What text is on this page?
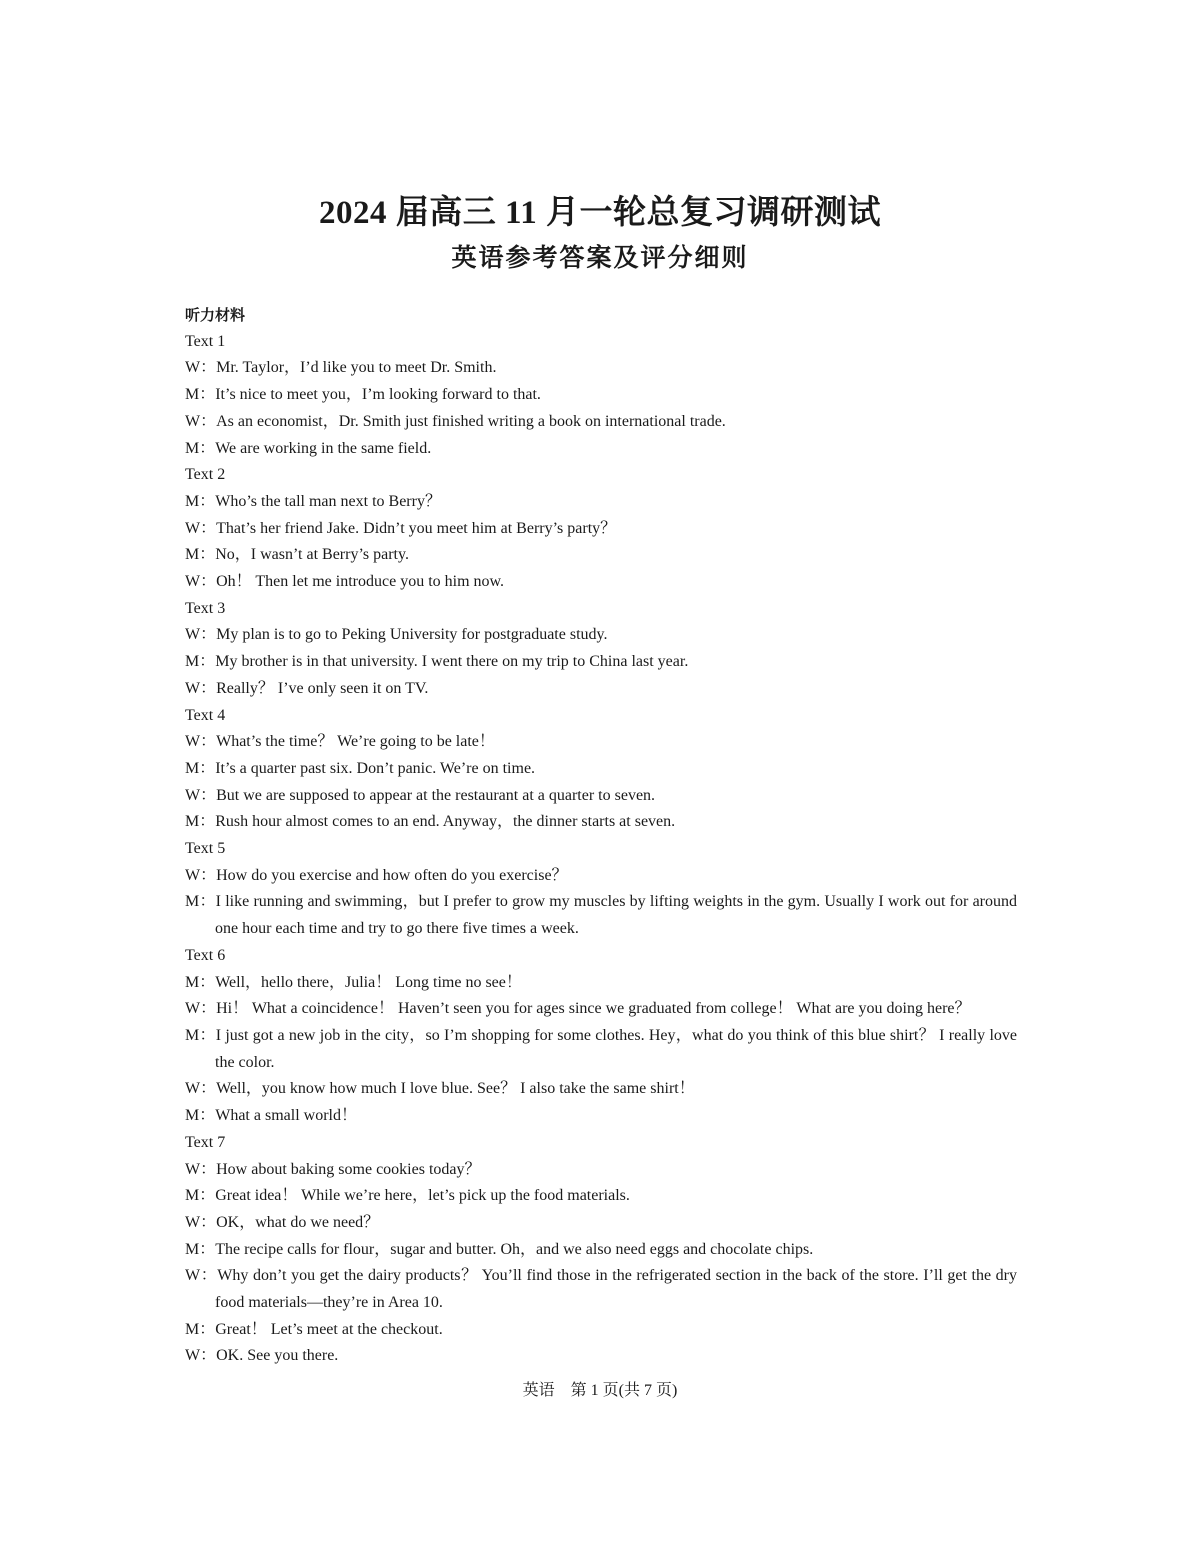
2024 届高三 11 月一轮总复习调研测试
英语参考答案及评分细则
听力材料
Text 1
W：Mr. Taylor，I’d like you to meet Dr. Smith.
M：It’s nice to meet you，I’m looking forward to that.
W：As an economist，Dr. Smith just finished writing a book on international trade.
M：We are working in the same field.
Text 2
M：Who’s the tall man next to Berry？
W：That’s her friend Jake. Didn’t you meet him at Berry’s party？
M：No，I wasn’t at Berry’s party.
W：Oh！ Then let me introduce you to him now.
Text 3
W：My plan is to go to Peking University for postgraduate study.
M：My brother is in that university. I went there on my trip to China last year.
W：Really？ I’ve only seen it on TV.
Text 4
W：What’s the time？ We’re going to be late！
M：It’s a quarter past six. Don’t panic. We’re on time.
W：But we are supposed to appear at the restaurant at a quarter to seven.
M：Rush hour almost comes to an end. Anyway，the dinner starts at seven.
Text 5
W：How do you exercise and how often do you exercise？
M：I like running and swimming，but I prefer to grow my muscles by lifting weights in the gym. Usually I work out for around one hour each time and try to go there five times a week.
Text 6
M：Well，hello there，Julia！ Long time no see！
W：Hi！ What a coincidence！ Haven’t seen you for ages since we graduated from college！ What are you doing here？
M：I just got a new job in the city，so I’m shopping for some clothes. Hey，what do you think of this blue shirt？ I really love the color.
W：Well，you know how much I love blue. See？ I also take the same shirt！
M：What a small world！
Text 7
W：How about baking some cookies today？
M：Great idea！ While we’re here，let’s pick up the food materials.
W：OK，what do we need？
M：The recipe calls for flour，sugar and butter. Oh，and we also need eggs and chocolate chips.
W：Why don’t you get the dairy products？ You’ll find those in the refrigerated section in the back of the store. I’ll get the dry food materials—they’re in Area 10.
M：Great！ Let’s meet at the checkout.
W：OK. See you there.
英语　第 1 页(共 7 页)
